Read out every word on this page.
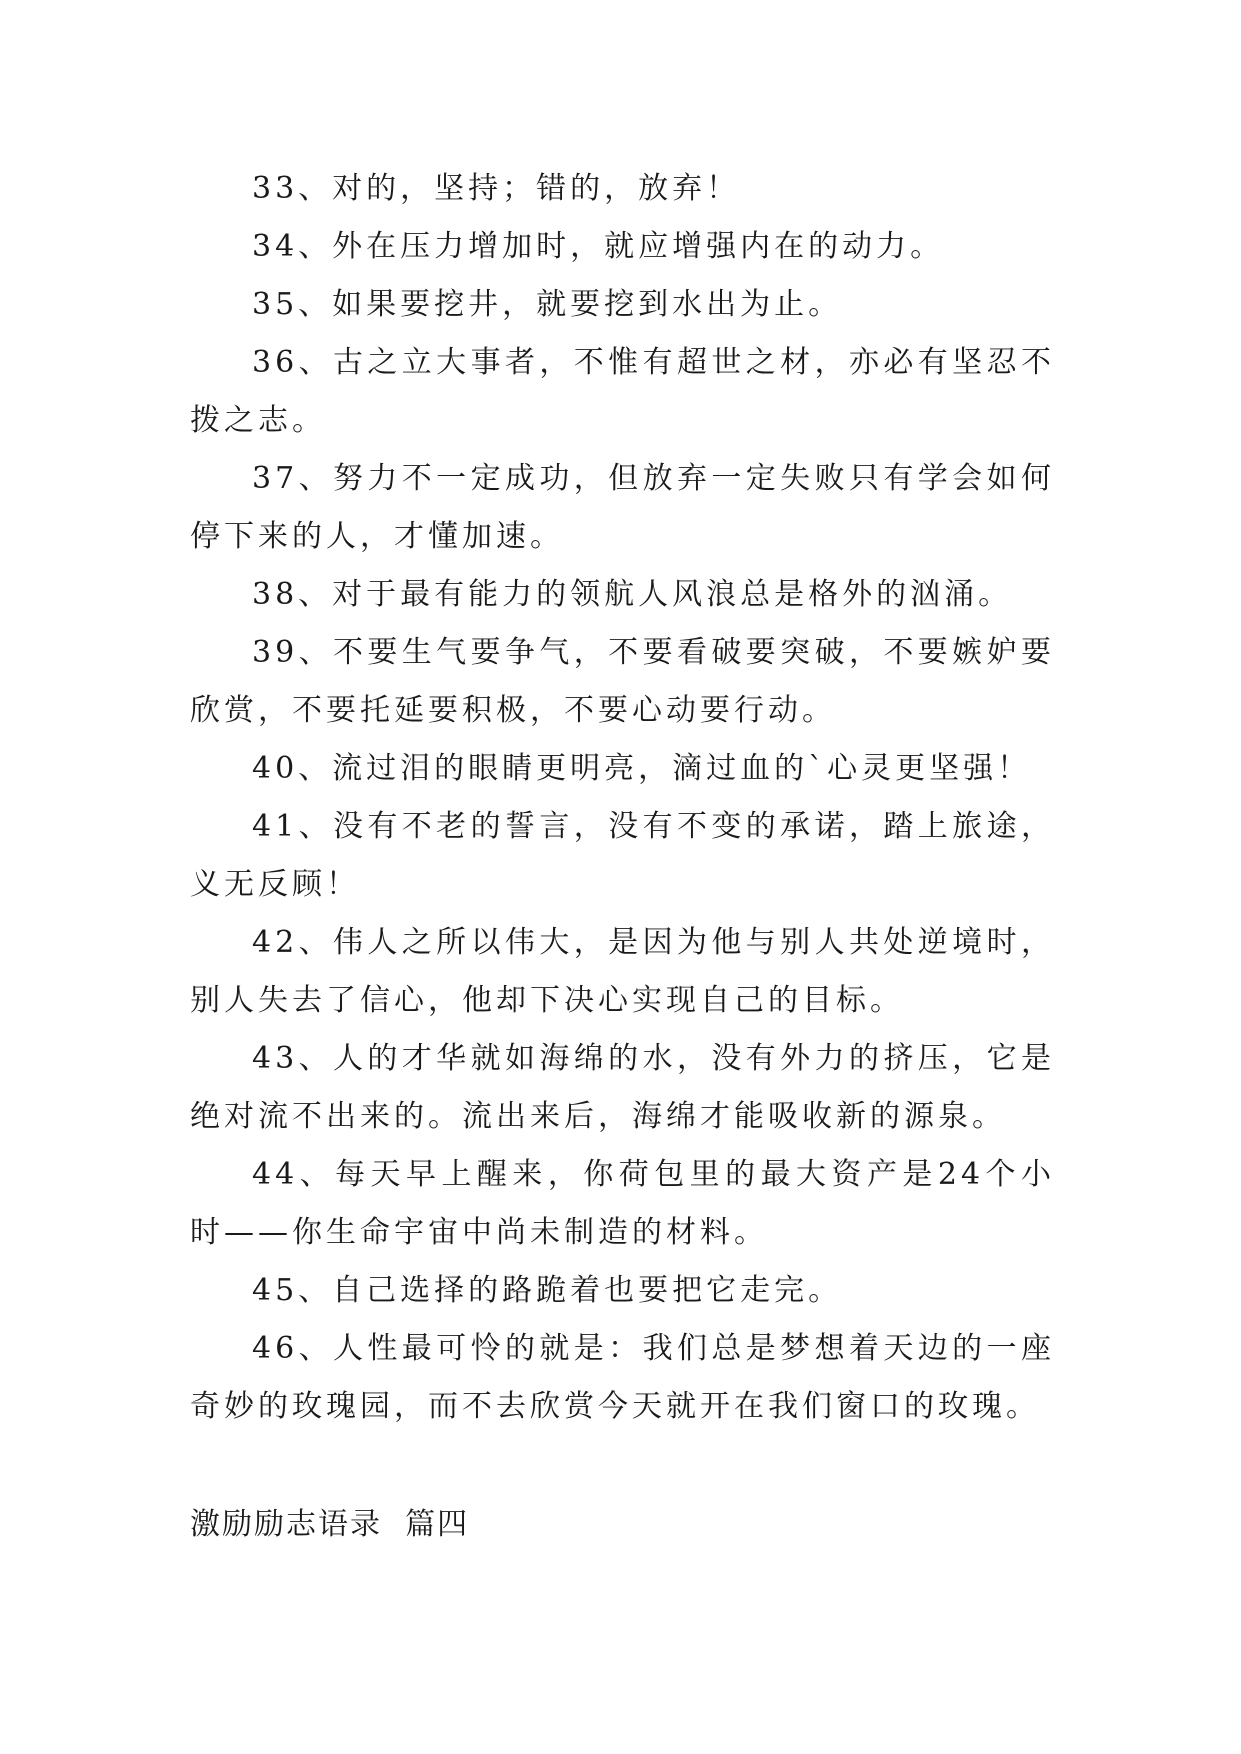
33、对的，坚持；错的，放弃！

34、外在压力增加时，就应增强内在的动力。

35、如果要挖井，就要挖到水出为止。

36、古之立大事者，不惟有超世之材，亦必有坚忍不拨之志。

37、努力不一定成功，但放弃一定失败只有学会如何停下来的人，才懂加速。

38、对于最有能力的领航人风浪总是格外的汹涌。

39、不要生气要争气，不要看破要突破，不要嫉妒要欣赏，不要托延要积极，不要心动要行动。

40、流过泪的眼睛更明亮，滴过血的`心灵更坚强！

41、没有不老的誓言，没有不变的承诺，踏上旅途，义无反顾！

42、伟人之所以伟大，是因为他与别人共处逆境时，别人失去了信心，他却下决心实现自己的目标。

43、人的才华就如海绵的水，没有外力的挤压，它是绝对流不出来的。流出来后，海绵才能吸收新的源泉。

44、每天早上醒来，你荷包里的最大资产是24个小时——你生命宇宙中尚未制造的材料。

45、自己选择的路跪着也要把它走完。

46、人性最可怜的就是：我们总是梦想着天边的一座奇妙的玫瑰园，而不去欣赏今天就开在我们窗口的玫瑰。

激励励志语录  篇四
